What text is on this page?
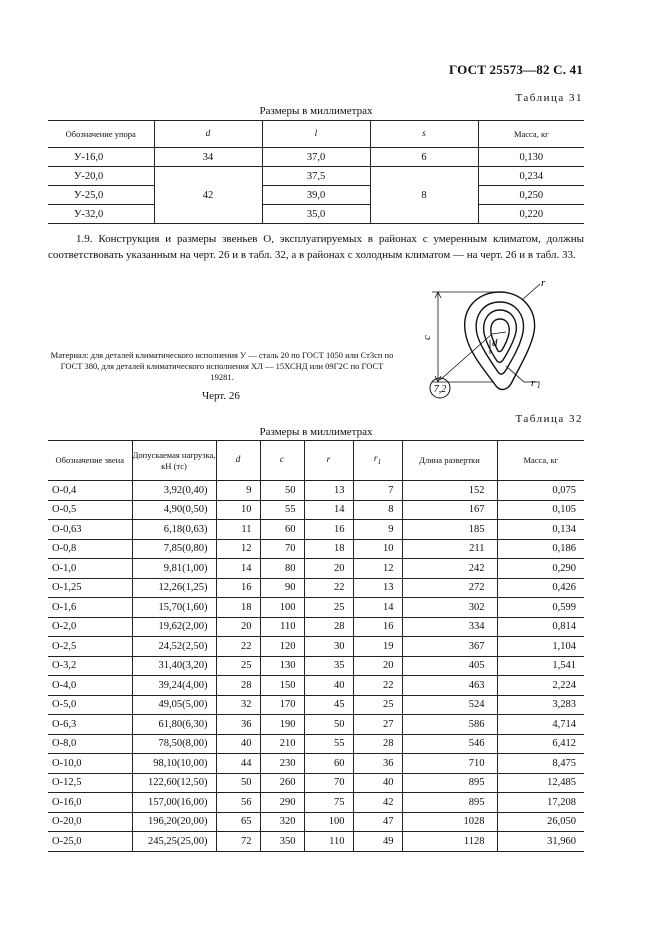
ГОСТ 25573—82 С. 41
Таблица 31
Размеры в миллиметрах
Обозначение упора	d	l	s	Масса, кг
У-16,0	34	37,0	6	0,130
У-20,0	42	37,5	8	0,234
У-25,0		39,0		0,250
У-32,0		35,0		0,220

1.9. Конструкция и размеры звеньев О, эксплуатируемых в районах с умеренным климатом, должны соответствовать указанным на черт. 26 и в табл. 32, а в районах с холодным климатом — на черт. 26 и в табл. 33.

Материал: для деталей климатического исполнения У — сталь 20 по ГОСТ 1050 или Ст3сп по ГОСТ 380, для деталей климатического исполнения ХЛ — 15ХСНД или 09Г2С по ГОСТ 19281.

Черт. 26
7,2
r
r 1
d
c
Таблица 32
Размеры в миллиметрах
Обозначение звена	Допускаемая нагрузка, кН (тс)	d	c	r	$r_1$	Длина развертки	Масса, кг
О-0,4	3,92(0,40)	9	50	13	7	152	0,075
О-0,5	4,90(0,50)	10	55	14	8	167	0,105
О-0,63	6,18(0,63)	11	60	16	9	185	0,134
О-0,8	7,85(0,80)	12	70	18	10	211	0,186
О-1,0	9,81(1,00)	14	80	20	12	242	0,290
О-1,25	12,26(1,25)	16	90	22	13	272	0,426
О-1,6	15,70(1,60)	18	100	25	14	302	0,599
О-2,0	19,62(2,00)	20	110	28	16	334	0,814
О-2,5	24,52(2,50)	22	120	30	19	367	1,104
О-3,2	31,40(3,20)	25	130	35	20	405	1,541
О-4,0	39,24(4,00)	28	150	40	22	463	2,224
О-5,0	49,05(5,00)	32	170	45	25	524	3,283
О-6,3	61,80(6,30)	36	190	50	27	586	4,714
О-8,0	78,50(8,00)	40	210	55	28	546	6,412
О-10,0	98,10(10,00)	44	230	60	36	710	8,475
О-12,5	122,60(12,50)	50	260	70	40	895	12,485
О-16,0	157,00(16,00)	56	290	75	42	895	17,208
О-20,0	196,20(20,00)	65	320	100	47	1028	26,050
О-25,0	245,25(25,00)	72	350	110	49	1128	31,960
